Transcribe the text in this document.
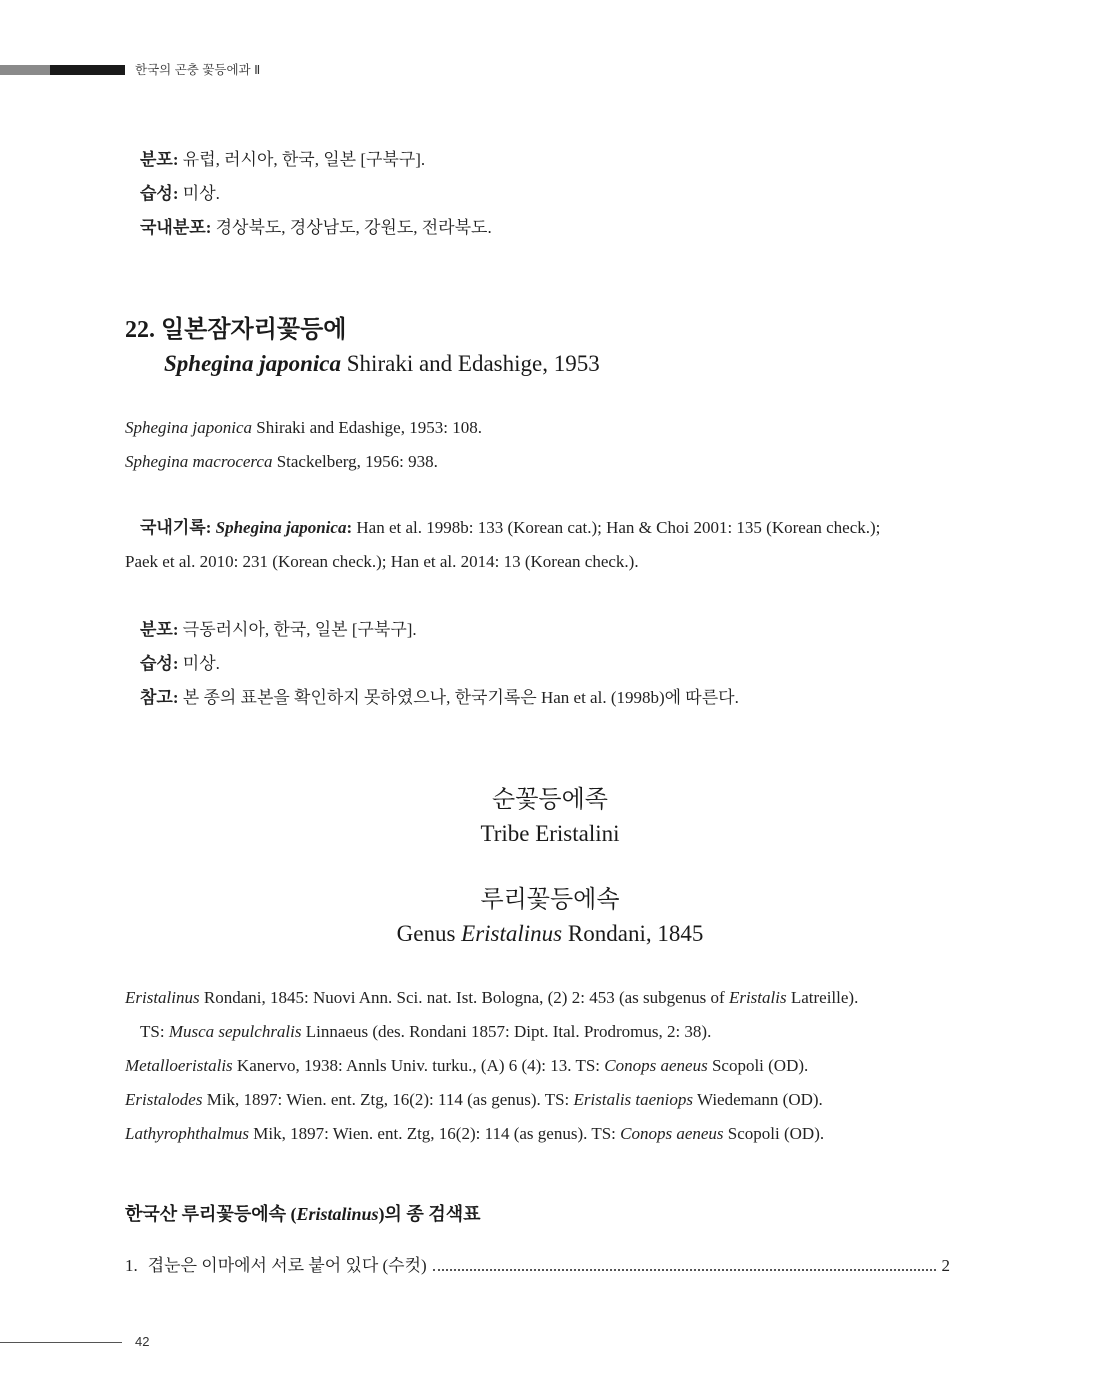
한국의 곤충 꽃등에과 Ⅱ
분포: 유럽, 러시아, 한국, 일본 [구북구].
습성: 미상.
국내분포: 경상북도, 경상남도, 강원도, 전라북도.
22. 일본잠자리꽃등에
Sphegina japonica Shiraki and Edashige, 1953
Sphegina japonica Shiraki and Edashige, 1953: 108.
Sphegina macrocerca Stackelberg, 1956: 938.
국내기록: Sphegina japonica: Han et al. 1998b: 133 (Korean cat.); Han & Choi 2001: 135 (Korean check.);
Paek et al. 2010: 231 (Korean check.); Han et al. 2014: 13 (Korean check.).
분포: 극동러시아, 한국, 일본 [구북구].
습성: 미상.
참고: 본 종의 표본을 확인하지 못하였으나, 한국기록은 Han et al. (1998b)에 따른다.
순꽃등에족
Tribe Eristalini
루리꽃등에속
Genus Eristalinus Rondani, 1845
Eristalinus Rondani, 1845: Nuovi Ann. Sci. nat. Ist. Bologna, (2) 2: 453 (as subgenus of Eristalis Latreille).
TS: Musca sepulchralis Linnaeus (des. Rondani 1857: Dipt. Ital. Prodromus, 2: 38).
Metalloeristalis Kanervo, 1938: Annls Univ. turku., (A) 6 (4): 13. TS: Conops aeneus Scopoli (OD).
Eristalodes Mik, 1897: Wien. ent. Ztg, 16(2): 114 (as genus). TS: Eristalis taeniops Wiedemann (OD).
Lathyrophthalmus Mik, 1897: Wien. ent. Ztg, 16(2): 114 (as genus). TS: Conops aeneus Scopoli (OD).
한국산 루리꽃등에속 (Eristalinus)의 종 검색표
1. 겹눈은 이마에서 서로 붙어 있다 (수컷)	2
42
